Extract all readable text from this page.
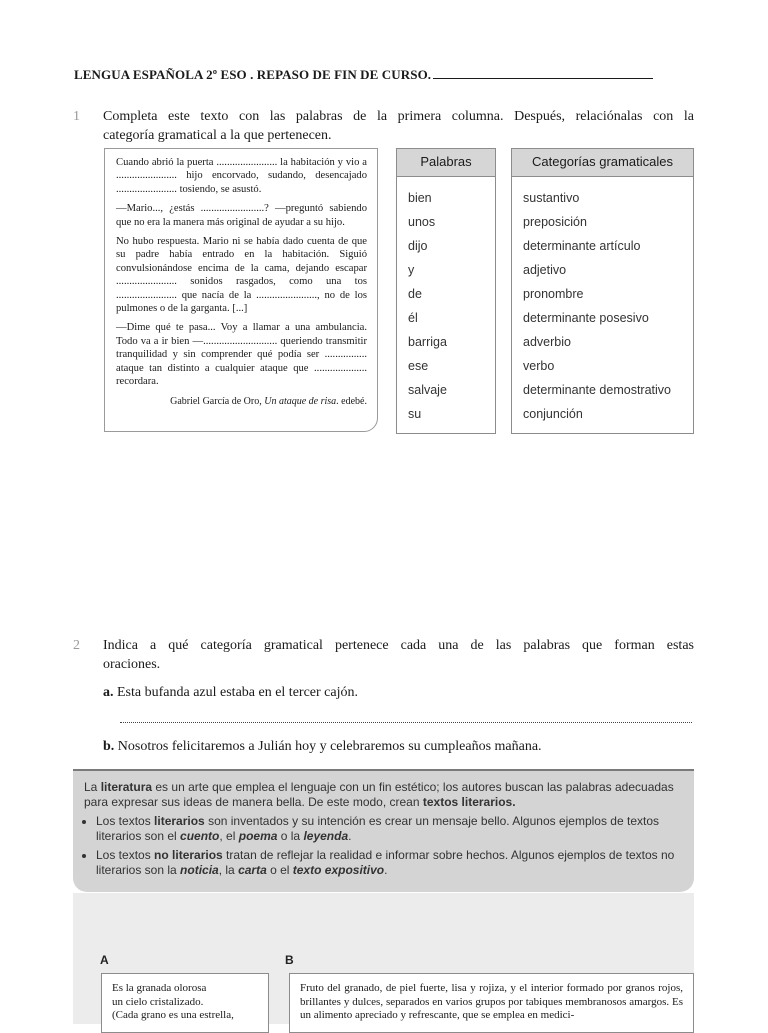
LENGUA ESPAÑOLA 2º ESO . REPASO DE FIN DE CURSO.
1 Completa este texto con las palabras de la primera columna. Después, relaciónalas con la
categoría gramatical a la que pertenecen.

Cuando abrió la puerta ....................... la habitación y vio a ....................... hijo encorvado, sudando, desencajado ....................... tosiendo, se asustó.

—Mario..., ¿estás ........................? —preguntó sabiendo que no era la manera más original de ayudar a su hijo.

No hubo respuesta. Mario ni se había dado cuenta de que su padre había entrado en la habitación. Siguió convulsionándose encima de la cama, dejando escapar ....................... sonidos rasgados, como una tos ....................... que nacía de la ......................., no de los pulmones o de la garganta. [...]

—Dime qué te pasa... Voy a llamar a una ambulancia. Todo va a ir bien —............................ queriendo transmitir tranquilidad y sin comprender qué podía ser ................ ataque tan distinto a cualquier ataque que .................... recordara.

Gabriel García de Oro, Un ataque de risa. edebé.
Palabras
bien
unos
dijo
y
de
él
barriga
ese
salvaje
su
Categorías gramaticales
sustantivo
preposición
determinante artículo
adjetivo
pronombre
determinante posesivo
adverbio
verbo
determinante demostrativo
conjunción
2 Indica a qué categoría gramatical pertenece cada una de las palabras que forman estas
oraciones.
a. Esta bufanda azul estaba en el tercer cajón.
b. Nosotros felicitaremos a Julián hoy y celebraremos su cumpleaños mañana.

La literatura es un arte que emplea el lenguaje con un fin estético; los autores buscan las palabras adecuadas para expresar sus ideas de manera bella. De este modo, crean textos literarios.

• Los textos literarios son inventados y su intención es crear un mensaje bello. Algunos ejemplos de textos literarios son el cuento, el poema o la leyenda.
• Los textos no literarios tratan de reflejar la realidad e informar sobre hechos. Algunos ejemplos de textos no literarios son la noticia, la carta o el texto expositivo.
A	B
Es la granada olorosa
un cielo cristalizado.
(Cada grano es una estrella,
Fruto del granado, de piel fuerte, lisa y rojiza, y el interior formado por granos rojos, brillantes y dulces, separados en varios grupos por tabiques membranosos amargos. Es un alimento apreciado y refrescante, que se emplea en medici-
